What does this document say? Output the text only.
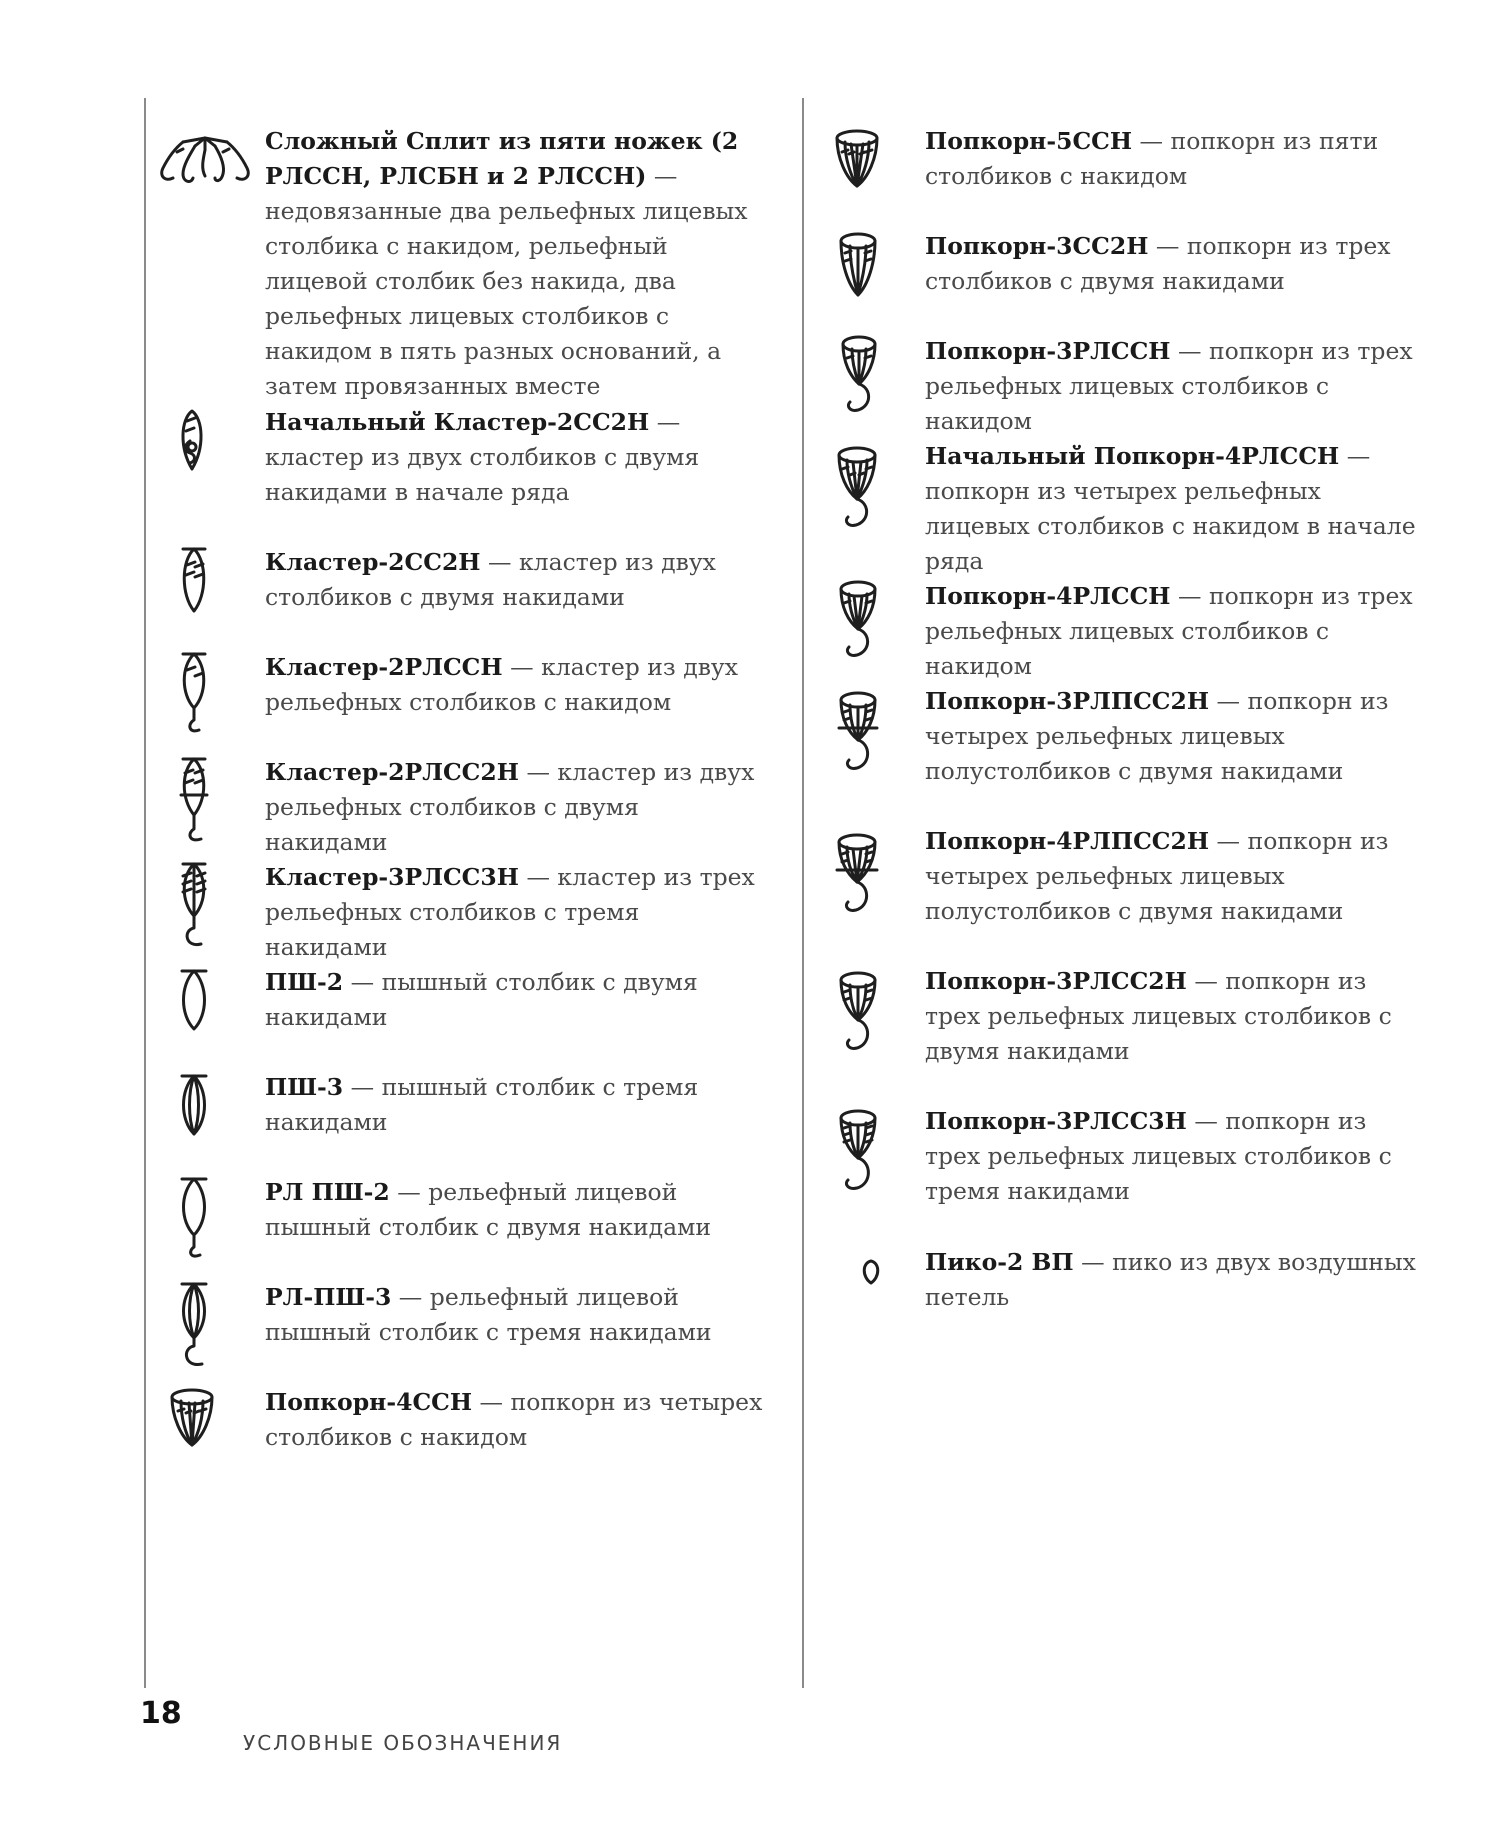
Сложный Сплит из пяти ножек (2 РЛССН, РЛСБН и 2 РЛССН) — недовязанные два рельефных лицевых столбика с накидом, рельефный лицевой столбик без накида, два рельефных лицевых столбиков с накидом в пять разных оснований, а затем провязанных вместе
Начальный Кластер-2СС2Н — кластер из двух столбиков с двумя накидами в начале ряда
Кластер-2СС2Н — кластер из двух столбиков с двумя накидами
Кластер-2РЛССН — кластер из двух рельефных столбиков с накидом
Кластер-2РЛСС2Н — кластер из двух рельефных столбиков с двумя накидами
Кластер-3РЛСС3Н — кластер из трех рельефных столбиков с тремя накидами
ПШ-2 — пышный столбик с двумя накидами
ПШ-3 — пышный столбик с тремя накидами
РЛ ПШ-2 — рельефный лицевой пышный столбик с двумя накидами
РЛ-ПШ-3 — рельефный лицевой пышный столбик с тремя накидами
Попкорн-4ССН — попкорн из четырех столбиков с накидом
Попкорн-5ССН — попкорн из пяти столбиков с накидом
Попкорн-3СС2Н — попкорн из трех столбиков с двумя накидами
Попкорн-3РЛССН — попкорн из трех рельефных лицевых столбиков с накидом
Начальный Попкорн-4РЛССН — попкорн из четырех рельефных лицевых столбиков с накидом в начале ряда
Попкорн-4РЛССН — попкорн из трех рельефных лицевых столбиков с накидом
Попкорн-3РЛПСС2Н — попкорн из четырех рельефных лицевых полустолбиков с двумя накидами
Попкорн-4РЛПСС2Н — попкорн из четырех рельефных лицевых полустолбиков с двумя накидами
Попкорн-3РЛСС2Н — попкорн из трех рельефных лицевых столбиков с двумя накидами
Попкорн-3РЛСС3Н — попкорн из трех рельефных лицевых столбиков с тремя накидами
Пико-2 ВП — пико из двух воздушных петель
18
УСЛОВНЫЕ ОБОЗНАЧЕНИЯ
